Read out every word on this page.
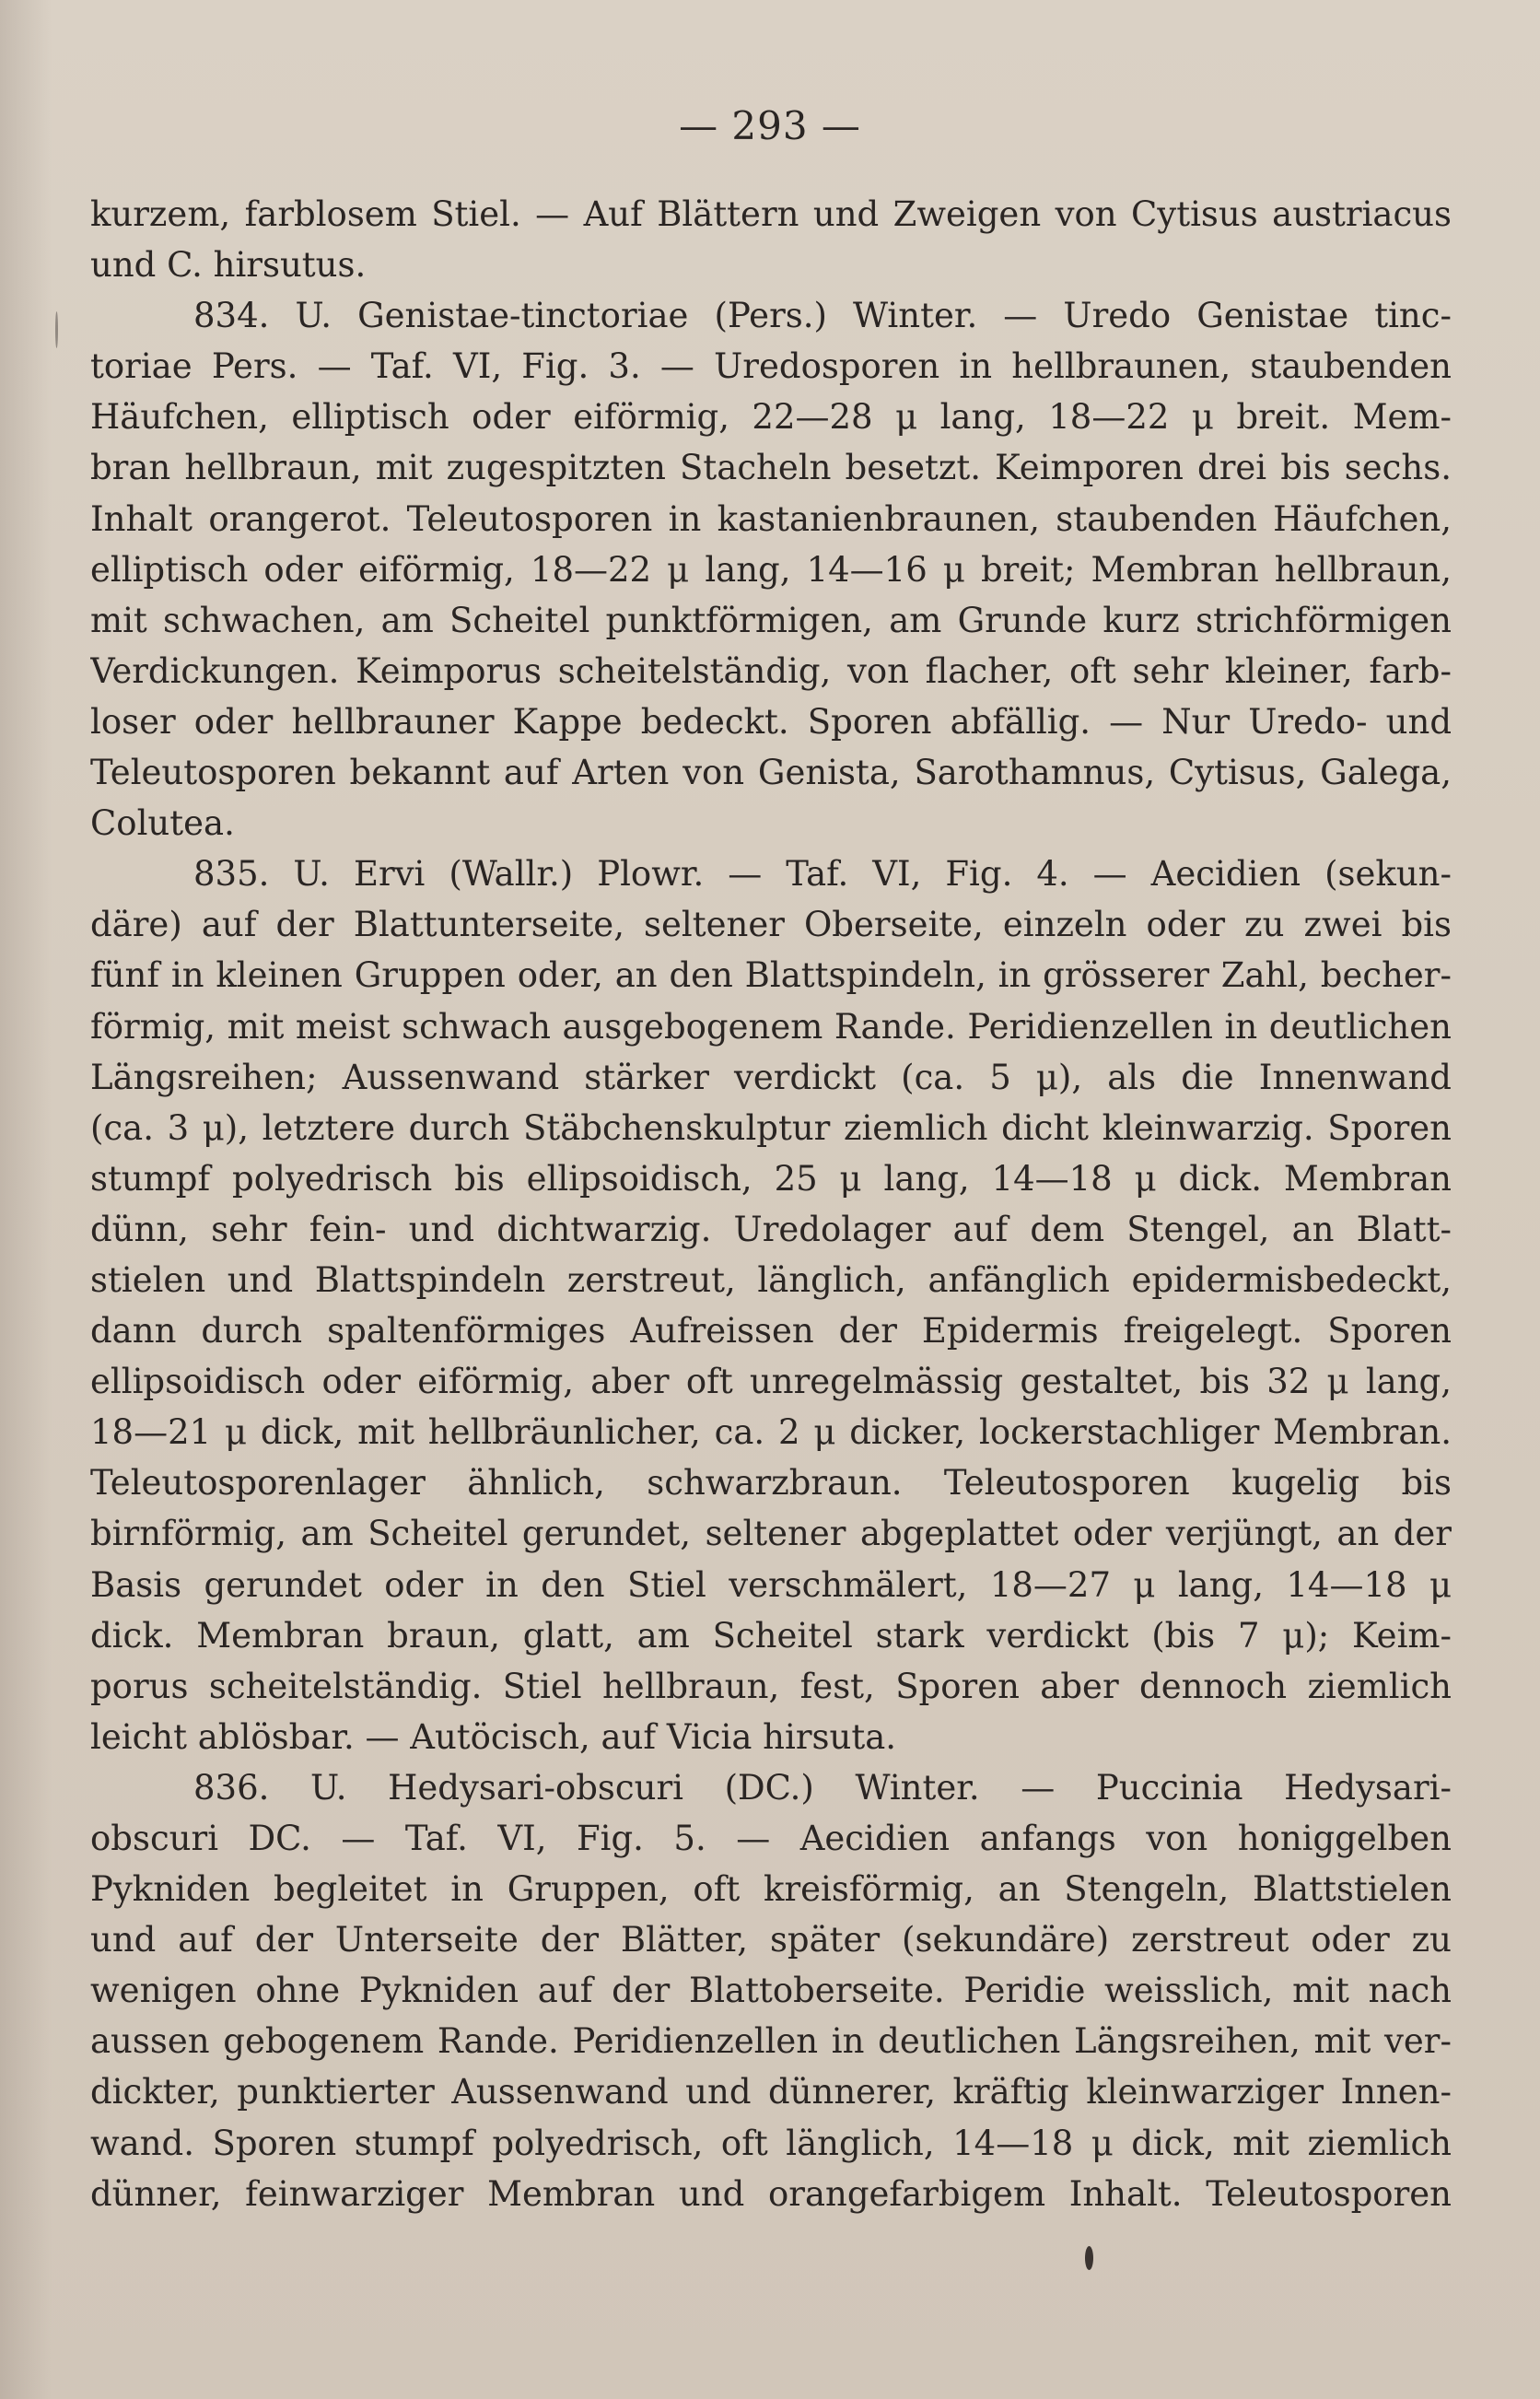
— 293 —
kurzem, farblosem Stiel. — Auf Blättern und Zweigen von Cytisus austriacus
und C. hirsutus.
834. U. Genistae-tinctoriae (Pers.) Winter. — Uredo Genistae tinc-
toriae Pers. — Taf. VI, Fig. 3. — Uredosporen in hellbraunen, staubenden
Häufchen, elliptisch oder eiförmig, 22—28 μ lang, 18—22 μ breit. Mem-
bran hellbraun, mit zugespitzten Stacheln besetzt. Keimporen drei bis sechs.
Inhalt orangerot. Teleutosporen in kastanienbraunen, staubenden Häufchen,
elliptisch oder eiförmig, 18—22 μ lang, 14—16 μ breit; Membran hellbraun,
mit schwachen, am Scheitel punktförmigen, am Grunde kurz strichförmigen
Verdickungen. Keimporus scheitelständig, von flacher, oft sehr kleiner, farb-
loser oder hellbrauner Kappe bedeckt. Sporen abfällig. — Nur Uredo- und
Teleutosporen bekannt auf Arten von Genista, Sarothamnus, Cytisus, Galega,
Colutea.
835. U. Ervi (Wallr.) Plowr. — Taf. VI, Fig. 4. — Aecidien (sekun-
däre) auf der Blattunterseite, seltener Oberseite, einzeln oder zu zwei bis
fünf in kleinen Gruppen oder, an den Blattspindeln, in grösserer Zahl, becher-
förmig, mit meist schwach ausgebogenem Rande. Peridienzellen in deutlichen
Längsreihen; Aussenwand stärker verdickt (ca. 5 μ), als die Innenwand
(ca. 3 μ), letztere durch Stäbchenskulptur ziemlich dicht kleinwarzig. Sporen
stumpf polyedrisch bis ellipsoidisch, 25 μ lang, 14—18 μ dick. Membran
dünn, sehr fein- und dichtwarzig. Uredolager auf dem Stengel, an Blatt-
stielen und Blattspindeln zerstreut, länglich, anfänglich epidermisbedeckt,
dann durch spaltenförmiges Aufreissen der Epidermis freigelegt. Sporen
ellipsoidisch oder eiförmig, aber oft unregelmässig gestaltet, bis 32 μ lang,
18—21 μ dick, mit hellbräunlicher, ca. 2 μ dicker, lockerstachliger Membran.
Teleutosporenlager ähnlich, schwarzbraun. Teleutosporen kugelig bis
birnförmig, am Scheitel gerundet, seltener abgeplattet oder verjüngt, an der
Basis gerundet oder in den Stiel verschmälert, 18—27 μ lang, 14—18 μ
dick. Membran braun, glatt, am Scheitel stark verdickt (bis 7 μ); Keim-
porus scheitelständig. Stiel hellbraun, fest, Sporen aber dennoch ziemlich
leicht ablösbar. — Autöcisch, auf Vicia hirsuta.
836. U. Hedysari-obscuri (DC.) Winter. — Puccinia Hedysari-
obscuri DC. — Taf. VI, Fig. 5. — Aecidien anfangs von honiggelben
Pykniden begleitet in Gruppen, oft kreisförmig, an Stengeln, Blattstielen
und auf der Unterseite der Blätter, später (sekundäre) zerstreut oder zu
wenigen ohne Pykniden auf der Blattoberseite. Peridie weisslich, mit nach
aussen gebogenem Rande. Peridienzellen in deutlichen Längsreihen, mit ver-
dickter, punktierter Aussenwand und dünnerer, kräftig kleinwarziger Innen-
wand. Sporen stumpf polyedrisch, oft länglich, 14—18 μ dick, mit ziemlich
dünner, feinwarziger Membran und orangefarbigem Inhalt. Teleutosporen
